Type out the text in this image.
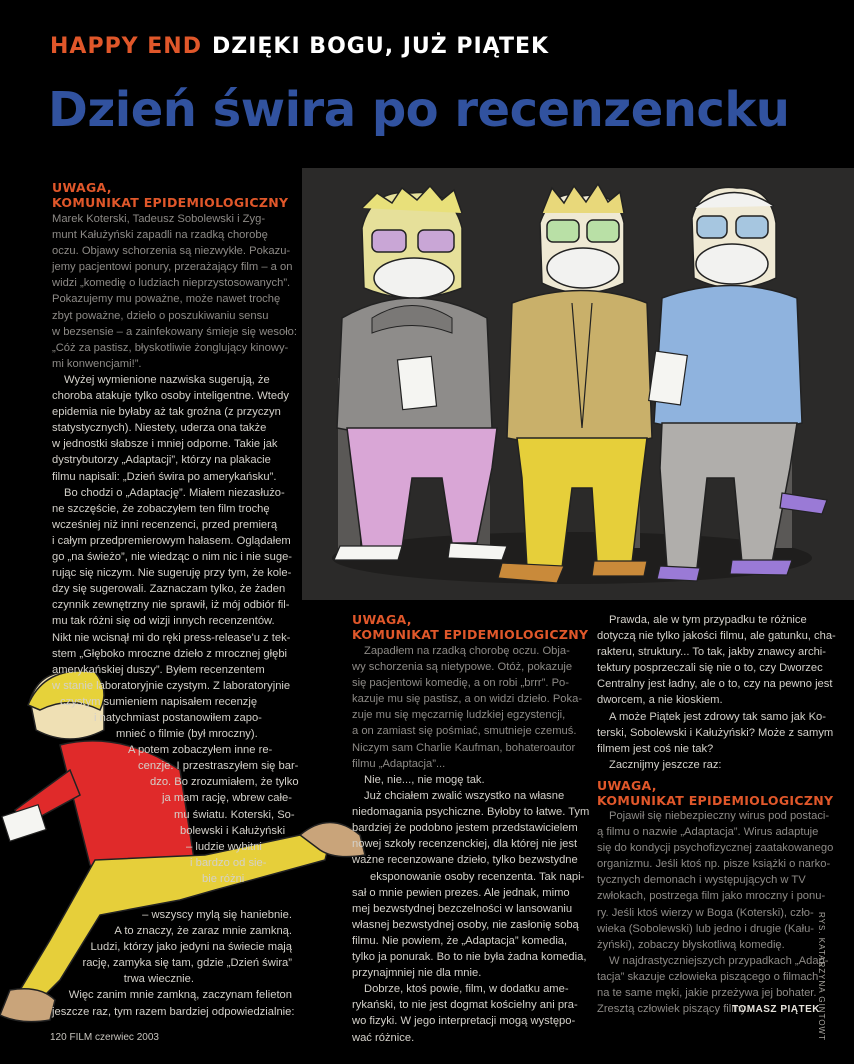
HAPPY END DZIĘKI BOGU, JUŻ PIĄTEK
Dzień świra po recenzencku
UWAGA,
KOMUNIKAT EPIDEMIOLOGICZNY
Marek Koterski, Tadeusz Sobolewski i Zyg-
munt Kałużyński zapadli na rzadką chorobę
oczu. Objawy schorzenia są niezwykłe. Pokazu-
jemy pacjentowi ponury, przerażający film – a on
widzi „komedię o ludziach nieprzystosowanych”.
Pokazujemy mu poważne, może nawet trochę
zbyt poważne, dzieło o poszukiwaniu sensu
w bezsensie – a zainfekowany śmieje się wesoło:
„Cóż za pastisz, błyskotliwie żonglujący kinowy-
mi konwencjami!”.
Wyżej wymienione nazwiska sugerują, że
choroba atakuje tylko osoby inteligentne. Wtedy
epidemia nie byłaby aż tak groźna (z przyczyn
statystycznych). Niestety, uderza ona także
w jednostki słabsze i mniej odporne. Takie jak
dystrybutorzy „Adaptacji”, którzy na plakacie
filmu napisali: „Dzień świra po amerykańsku”.
Bo chodzi o „Adaptację”. Miałem niezasłużo-
ne szczęście, że zobaczyłem ten film trochę
wcześniej niż inni recenzenci, przed premierą
i całym przedpremierowym hałasem. Oglądałem
go „na świeżo”, nie wiedząc o nim nic i nie suge-
rując się niczym. Nie sugeruję przy tym, że kole-
dzy się sugerowali. Zaznaczam tylko, że żaden
czynnik zewnętrzny nie sprawił, iż mój odbiór fil-
mu tak różni się od wizji innych recenzentów.
Nikt nie wcisnął mi do ręki press-release'u z tek-
stem „Głęboko mroczne dzieło z mrocznej głębi
amerykańskiej duszy”. Byłem recenzentem
w stanie laboratoryjnie czystym. Z laboratoryjnie
czystym sumieniem napisałem recenzję
i natychmiast postanowiłem zapo-
mnieć o filmie (był mroczny).
A potem zobaczyłem inne re-
cenzje. I przestraszyłem się bar-
dzo. Bo zrozumiałem, że tylko
ja mam rację, wbrew całe-
mu światu. Koterski, So-
bolewski i Kałużyński
– ludzie wybitni
i bardzo od sie-
bie różni
– wszyscy mylą się haniebnie.
A to znaczy, że zaraz mnie zamkną.
Ludzi, którzy jako jedyni na świecie mają
rację, zamyka się tam, gdzie „Dzień świra”
trwa wiecznie.
Więc zanim mnie zamkną, zaczynam felieton
jeszcze raz, tym razem bardziej odpowiedzialnie:
UWAGA,
KOMUNIKAT EPIDEMIOLOGICZNY
Zapadłem na rzadką chorobę oczu. Obja-
wy schorzenia są nietypowe. Otóż, pokazuje
się pacjentowi komedię, a on robi „brrr”. Po-
kazuje mu się pastisz, a on widzi dzieło. Poka-
zuje mu się męczarnię ludzkiej egzystencji,
a on zamiast się pośmiać, smutnieje czemuś.
Niczym sam Charlie Kaufman, bohateroautor
filmu „Adaptacja”...
Nie, nie..., nie mogę tak.
Już chciałem zwalić wszystko na własne
niedomagania psychiczne. Byłoby to łatwe. Tym
bardziej że podobno jestem przedstawicielem
nowej szkoły recenzenckiej, dla której nie jest
ważne recenzowane dzieło, tylko bezwstydne
eksponowanie osoby recenzenta. Tak napi-
sał o mnie pewien prezes. Ale jednak, mimo
mej bezwstydnej bezczelności w lansowaniu
własnej bezwstydnej osoby, nie zasłonię sobą
filmu. Nie powiem, że „Adaptacja” komedia,
tylko ja ponurak. Bo to nie była żadna komedia,
przynajmniej nie dla mnie.
Dobrze, ktoś powie, film, w dodatku ame-
rykański, to nie jest dogmat kościelny ani pra-
wo fizyki. W jego interpretacji mogą występo-
wać różnice.
Prawda, ale w tym przypadku te różnice
dotyczą nie tylko jakości filmu, ale gatunku, cha-
rakteru, struktury... To tak, jakby znawcy archi-
tektury posprzeczali się nie o to, czy Dworzec
Centralny jest ładny, ale o to, czy na pewno jest
dworcem, a nie kioskiem.
A może Piątek jest zdrowy tak samo jak Ko-
terski, Sobolewski i Kałużyński? Może z samym
filmem jest coś nie tak?
Zacznijmy jeszcze raz:
UWAGA,
KOMUNIKAT EPIDEMIOLOGICZNY
Pojawił się niebezpieczny wirus pod postaci-
ą filmu o nazwie „Adaptacja”. Wirus adaptuje
się do kondycji psychofizycznej zaatakowanego
organizmu. Jeśli ktoś np. pisze książki o narko-
tycznych demonach i występujących w TV
zwłokach, postrzega film jako mroczny i ponu-
ry. Jeśli ktoś wierzy w Boga (Koterski), czło-
wieka (Sobolewski) lub jedno i drugie (Kału-
żyński), zobaczy błyskotliwą komedię.
W najdrastyczniejszych przypadkach „Adap-
tacja” skazuje człowieka piszącego o filmach
na te same męki, jakie przeżywa jej bohater.
Zresztą człowiek piszący filmy.
TOMASZ PIĄTEK
120 FILM czerwiec 2003	RYS. KATARZYNA GINTOWT
